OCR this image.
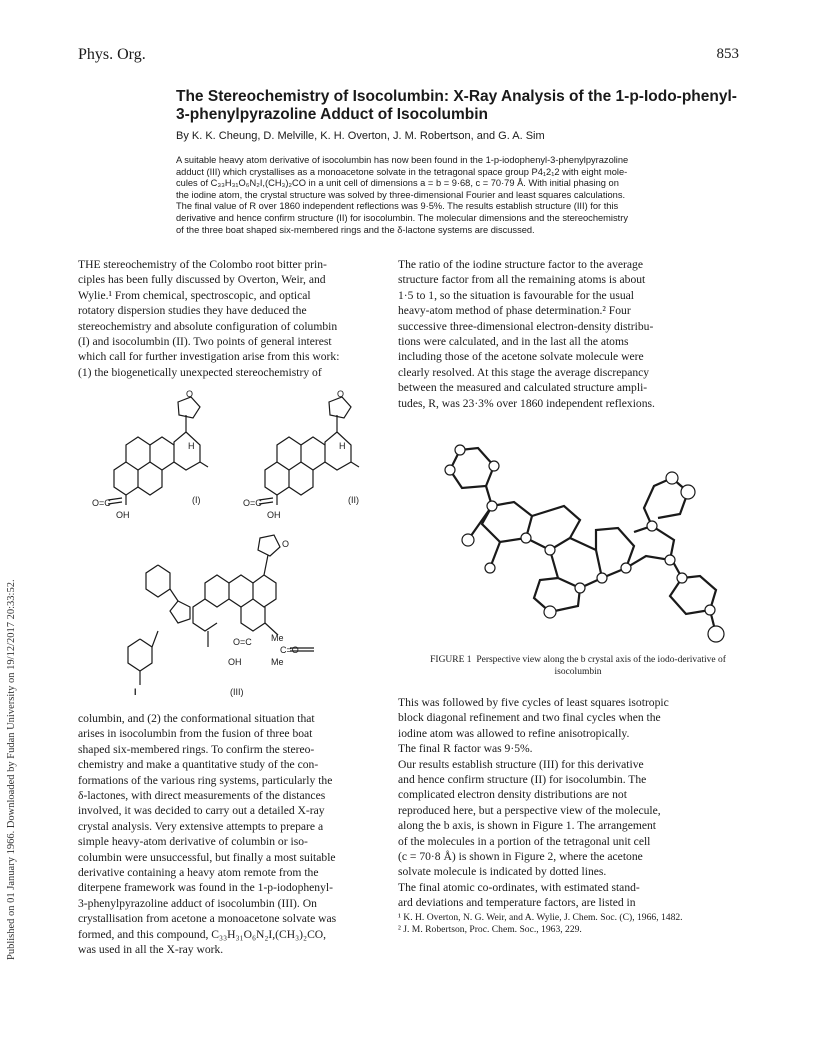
Phys. Org.	853
Published on 01 January 1966. Downloaded by Fudan University on 19/12/2017 20:33:52.
The Stereochemistry of Isocolumbin: X-Ray Analysis of the 1-p-Iodo-phenyl-3-phenylpyrazoline Adduct of Isocolumbin
By K. K. Cheung, D. Melville, K. H. Overton, J. M. Robertson, and G. A. Sim
A suitable heavy atom derivative of isocolumbin has now been found in the 1-p-iodophenyl-3-phenylpyrazoline
adduct (III) which crystallises as a monoacetone solvate in the tetragonal space group P4₁2₁2 with eight mole-
cules of C₃₃H₃₁O₆N₂I,(CH₃)₂CO in a unit cell of dimensions a = b = 9·68, c = 70·79 Å. With initial phasing on
the iodine atom, the crystal structure was solved by three-dimensional Fourier and least squares calculations.
The final value of R over 1860 independent reflections was 9·5%. The results establish structure (III) for this
derivative and hence confirm structure (II) for isocolumbin. The molecular dimensions and the stereochemistry
of the three boat shaped six-membered rings and the δ-lactone systems are discussed.
THE stereochemistry of the Colombo root bitter prin-
ciples has been fully discussed by Overton, Weir, and
Wylie.¹ From chemical, spectroscopic, and optical
rotatory dispersion studies they have deduced the
stereochemistry and absolute configuration of columbin
(I) and isocolumbin (II). Two points of general interest
which call for further investigation arise from this work:
(1) the biogenetically unexpected stereochemistry of
O
H
O=C
OH
(I)
O
H
O=C
OH
(II)
O
O=C
OH
Me
Me
C=O
I	(III)
columbin, and (2) the conformational situation that
arises in isocolumbin from the fusion of three boat
shaped six-membered rings. To confirm the stereo-
chemistry and make a quantitative study of the con-
formations of the various ring systems, particularly the
δ-lactones, with direct measurements of the distances
involved, it was decided to carry out a detailed X-ray
crystal analysis. Very extensive attempts to prepare a
simple heavy-atom derivative of columbin or iso-
columbin were unsuccessful, but finally a most suitable
derivative containing a heavy atom remote from the
diterpene framework was found in the 1-p-iodophenyl-
3-phenylpyrazoline adduct of isocolumbin (III). On
crystallisation from acetone a monoacetone solvate was
formed, and this compound, C₃₃H₃₁O₆N₂I,(CH₃)₂CO,
was used in all the X-ray work.
The ratio of the iodine structure factor to the average
structure factor from all the remaining atoms is about
1·5 to 1, so the situation is favourable for the usual
heavy-atom method of phase determination.² Four
successive three-dimensional electron-density distribu-
tions were calculated, and in the last all the atoms
including those of the acetone solvate molecule were
clearly resolved. At this stage the average discrepancy
between the measured and calculated structure ampli-
tudes, R, was 23·3% over 1860 independent reflexions.
FIGURE 1 Perspective view along the b crystal axis of the iodo-derivative of isocolumbin
This was followed by five cycles of least squares isotropic
block diagonal refinement and two final cycles when the
iodine atom was allowed to refine anisotropically.
The final R factor was 9·5%.
Our results establish structure (III) for this derivative
and hence confirm structure (II) for isocolumbin. The
complicated electron density distributions are not
reproduced here, but a perspective view of the molecule,
along the b axis, is shown in Figure 1. The arrangement
of the molecules in a portion of the tetragonal unit cell
(c = 70·8 Å) is shown in Figure 2, where the acetone
solvate molecule is indicated by dotted lines.
The final atomic co-ordinates, with estimated stand-
ard deviations and temperature factors, are listed in
¹ K. H. Overton, N. G. Weir, and A. Wylie, J. Chem. Soc. (C), 1966, 1482.
² J. M. Robertson, Proc. Chem. Soc., 1963, 229.
